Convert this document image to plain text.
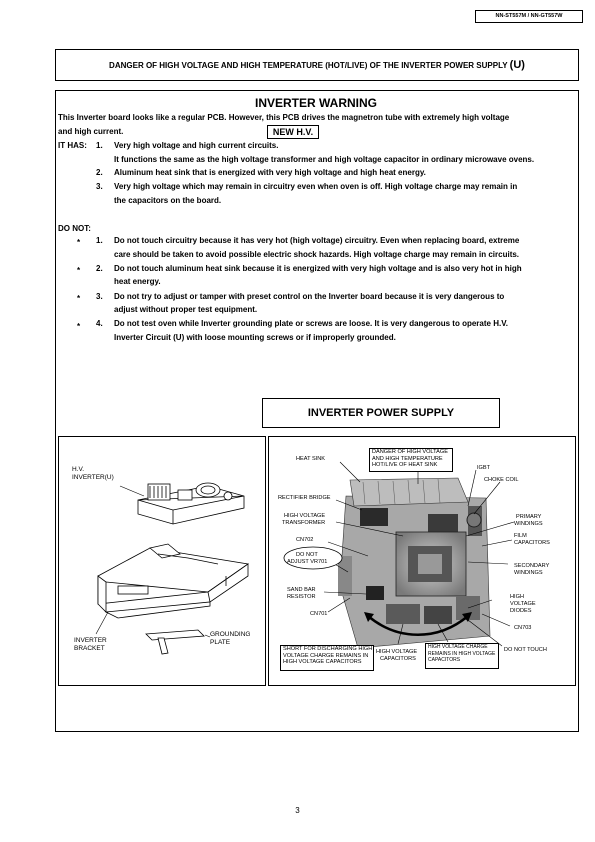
NN-ST557M / NN-GT557W
DANGER OF HIGH VOLTAGE AND HIGH TEMPERATURE (HOT/LIVE) OF THE INVERTER POWER SUPPLY (U)
INVERTER WARNING
This Inverter board looks like a regular PCB. However, this PCB drives the magnetron tube with extremely high voltage
and high current.	NEW H.V.
IT HAS: 1. Very high voltage and high current circuits.
It functions the same as the high voltage transformer and high voltage capacitor in ordinary microwave ovens.
2. Aluminum heat sink that is energized with very high voltage and high heat energy.
3. Very high voltage which may remain in circuitry even when oven is off. High voltage charge may remain in
the capacitors on the board.
DO NOT:
* 1. Do not touch circuitry because it has very hot (high voltage) circuitry. Even when replacing board, extreme
care should be taken to avoid possible electric shock hazards. High voltage charge may remain in circuits.
* 2. Do not touch aluminum heat sink because it is energized with very high voltage and is also very hot in high
heat energy.
* 3. Do not try to adjust or tamper with preset control on the Inverter board because it is very dangerous to
adjust without proper test equipment.
* 4. Do not test oven while Inverter grounding plate or screws are loose. It is very dangerous to operate H.V.
Inverter Circuit (U) with loose mounting screws or if improperly grounded.
INVERTER POWER SUPPLY
H.V.
INVERTER(U)
INVERTER
BRACKET
GROUNDING
PLATE
HEAT SINK
DANGER OF HIGH VOLTAGE
AND HIGH TEMPERATURE
HOT/LIVE OF HEAT SINK	IGBT
CHOKE COIL
RECTIFIER BRIDGE
HIGH VOLTAGE
TRANSFORMER
PRIMARY
WINDINGS
FILM
CAPACITORS
CN702
DO NOT
ADJUST VR701
SECONDARY
WINDINGS
SAND BAR
RESISTOR	HIGH
VOLTAGE
DIODES
CN701
CN703
SHORT FOR DISCHARGING HIGH
VOLTAGE CHARGE REMAINS IN
HIGH VOLTAGE CAPACITORS
HIGH VOLTAGE
CAPACITORS
HIGH VOLTAGE CHARGE
REMAINS IN HIGH VOLTAGE
CAPACITORS
DO NOT TOUCH
3
